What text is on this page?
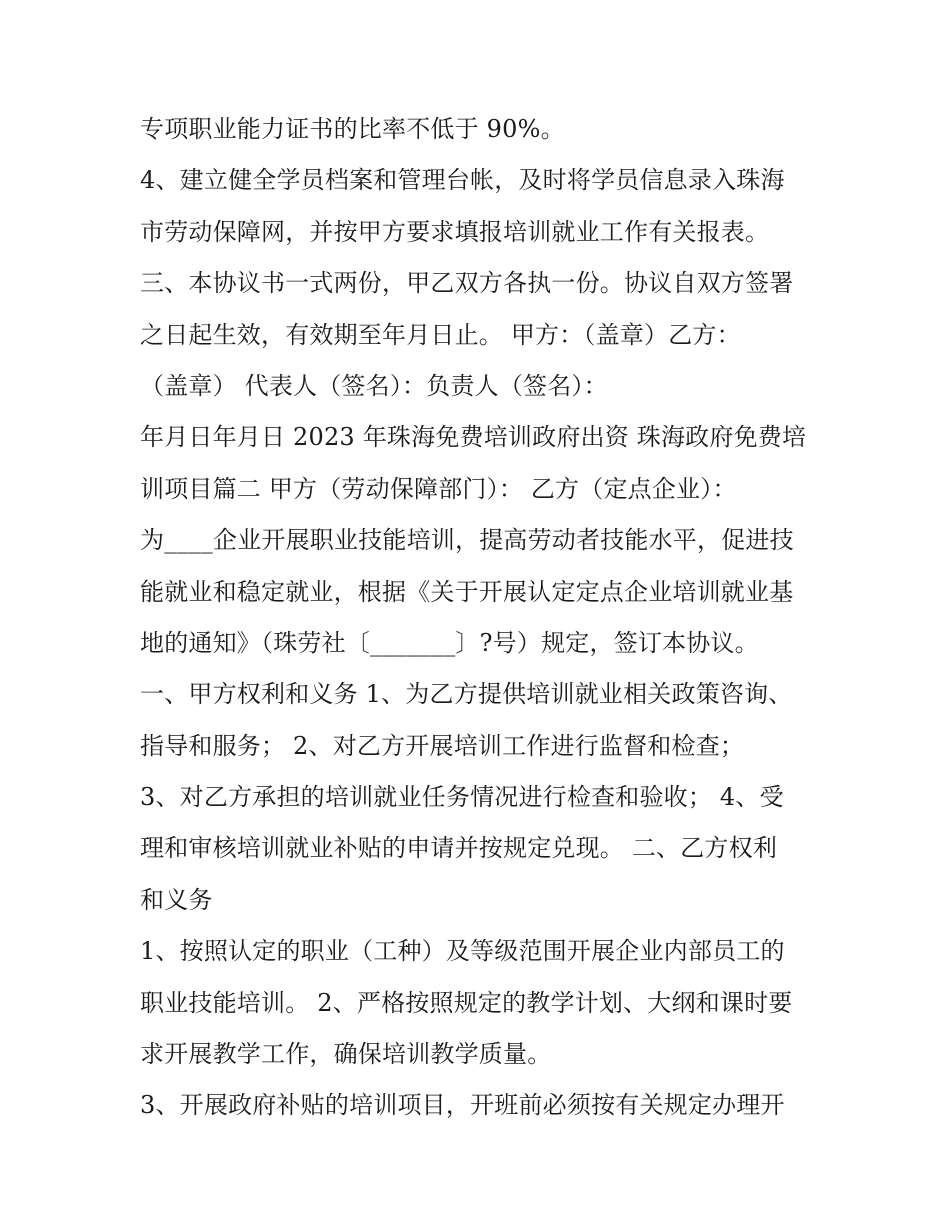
专项职业能力证书的比率不低于 90%。
4、建立健全学员档案和管理台帐，及时将学员信息录入珠海
市劳动保障网，并按甲方要求填报培训就业工作有关报表。
三、本协议书一式两份，甲乙双方各执一份。协议自双方签署
之日起生效，有效期至年月日止。 甲方：（盖章）乙方：
（盖章） 代表人（签名）：负责人（签名）：
年月日年月日 2023 年珠海免费培训政府出资 珠海政府免费培
训项目篇二 甲方（劳动保障部门）： 乙方（定点企业）：
为____企业开展职业技能培训，提高劳动者技能水平，促进技
能就业和稳定就业，根据《关于开展认定定点企业培训就业基
地的通知》（珠劳社〔_______〕?号）规定，签订本协议。
一、甲方权利和义务 1、为乙方提供培训就业相关政策咨询、
指导和服务； 2、对乙方开展培训工作进行监督和检查；
3、对乙方承担的培训就业任务情况进行检查和验收； 4、受
理和审核培训就业补贴的申请并按规定兑现。 二、乙方权利
和义务
1、按照认定的职业（工种）及等级范围开展企业内部员工的
职业技能培训。 2、严格按照规定的教学计划、大纲和课时要
求开展教学工作，确保培训教学质量。
3、开展政府补贴的培训项目，开班前必须按有关规定办理开
